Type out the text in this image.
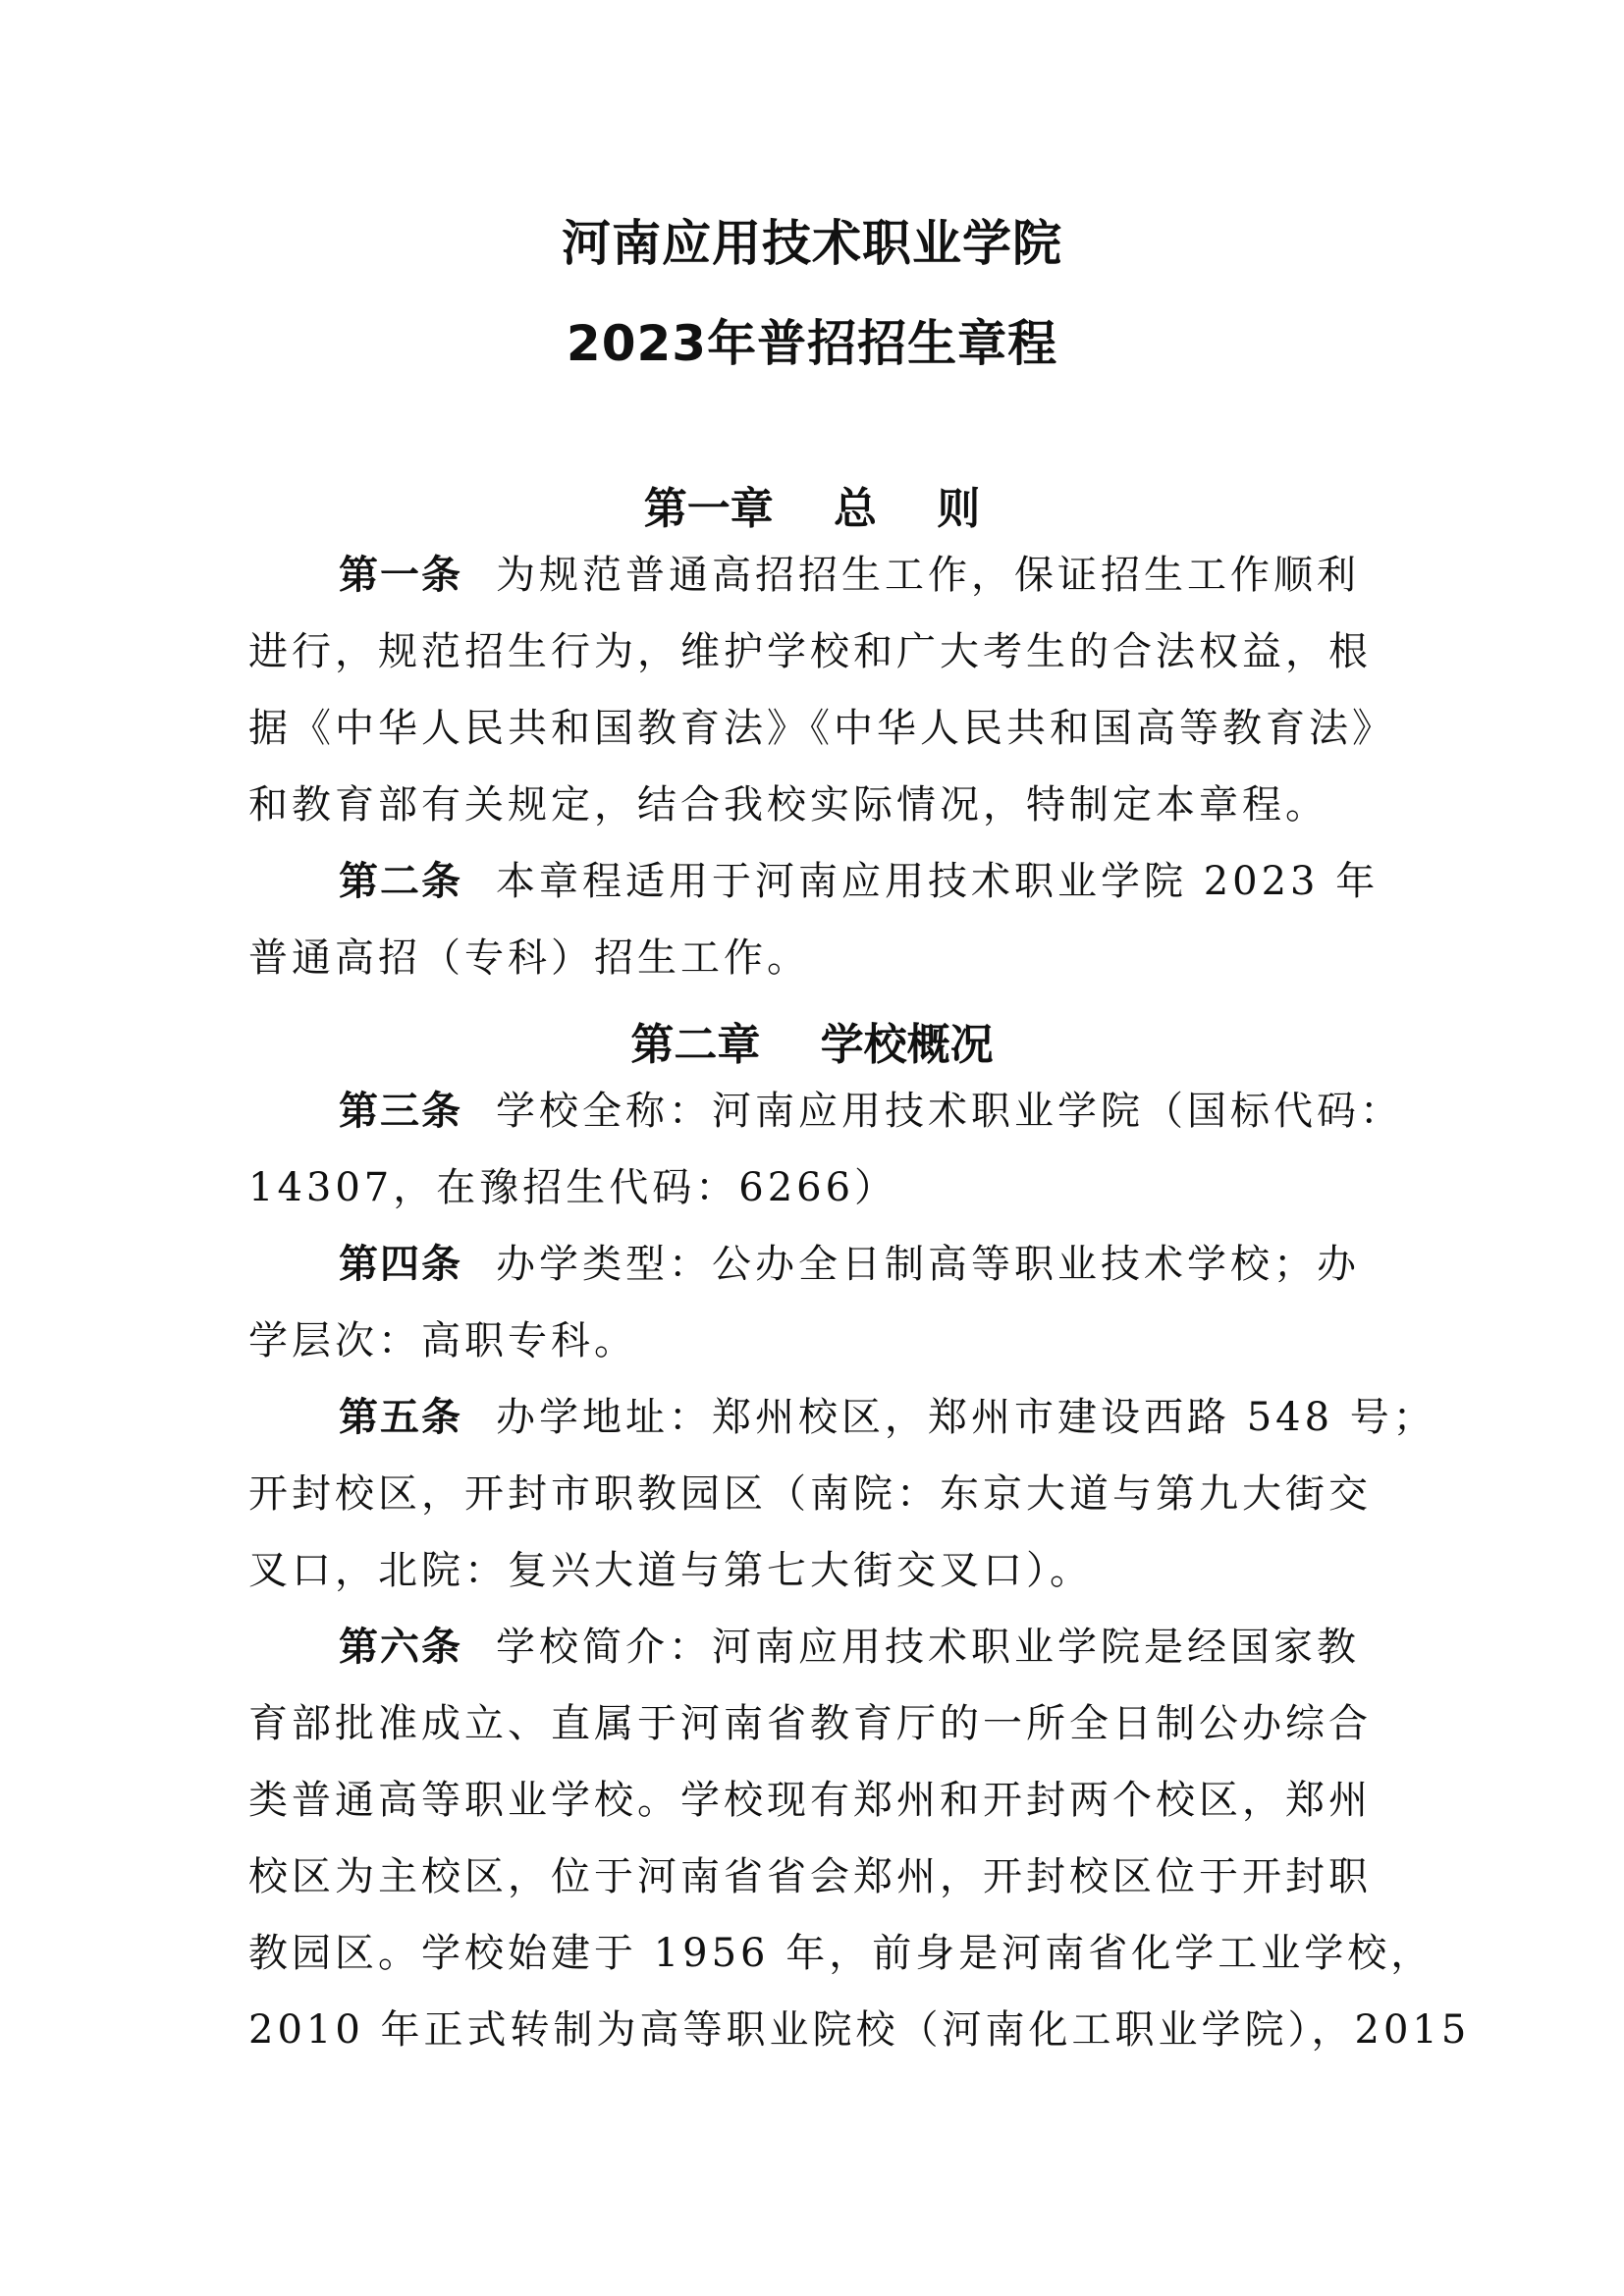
河南应用技术职业学院
2023年普招招生章程
第一章    总    则
第一条 为规范普通高招招生工作，保证招生工作顺利
进行，规范招生行为，维护学校和广大考生的合法权益，根
据《中华人民共和国教育法》《中华人民共和国高等教育法》
和教育部有关规定，结合我校实际情况，特制定本章程。
第二条 本章程适用于河南应用技术职业学院 2023 年
普通高招（专科）招生工作。
第二章    学校概况
第三条 学校全称：河南应用技术职业学院（国标代码：
14307，在豫招生代码：6266）
第四条 办学类型：公办全日制高等职业技术学校；办
学层次：高职专科。
第五条 办学地址：郑州校区，郑州市建设西路 548 号；
开封校区，开封市职教园区（南院：东京大道与第九大街交
叉口，北院：复兴大道与第七大街交叉口）。
第六条 学校简介：河南应用技术职业学院是经国家教
育部批准成立、直属于河南省教育厅的一所全日制公办综合
类普通高等职业学校。学校现有郑州和开封两个校区，郑州
校区为主校区，位于河南省省会郑州，开封校区位于开封职
教园区。学校始建于 1956 年，前身是河南省化学工业学校，
2010 年正式转制为高等职业院校（河南化工职业学院），2015
